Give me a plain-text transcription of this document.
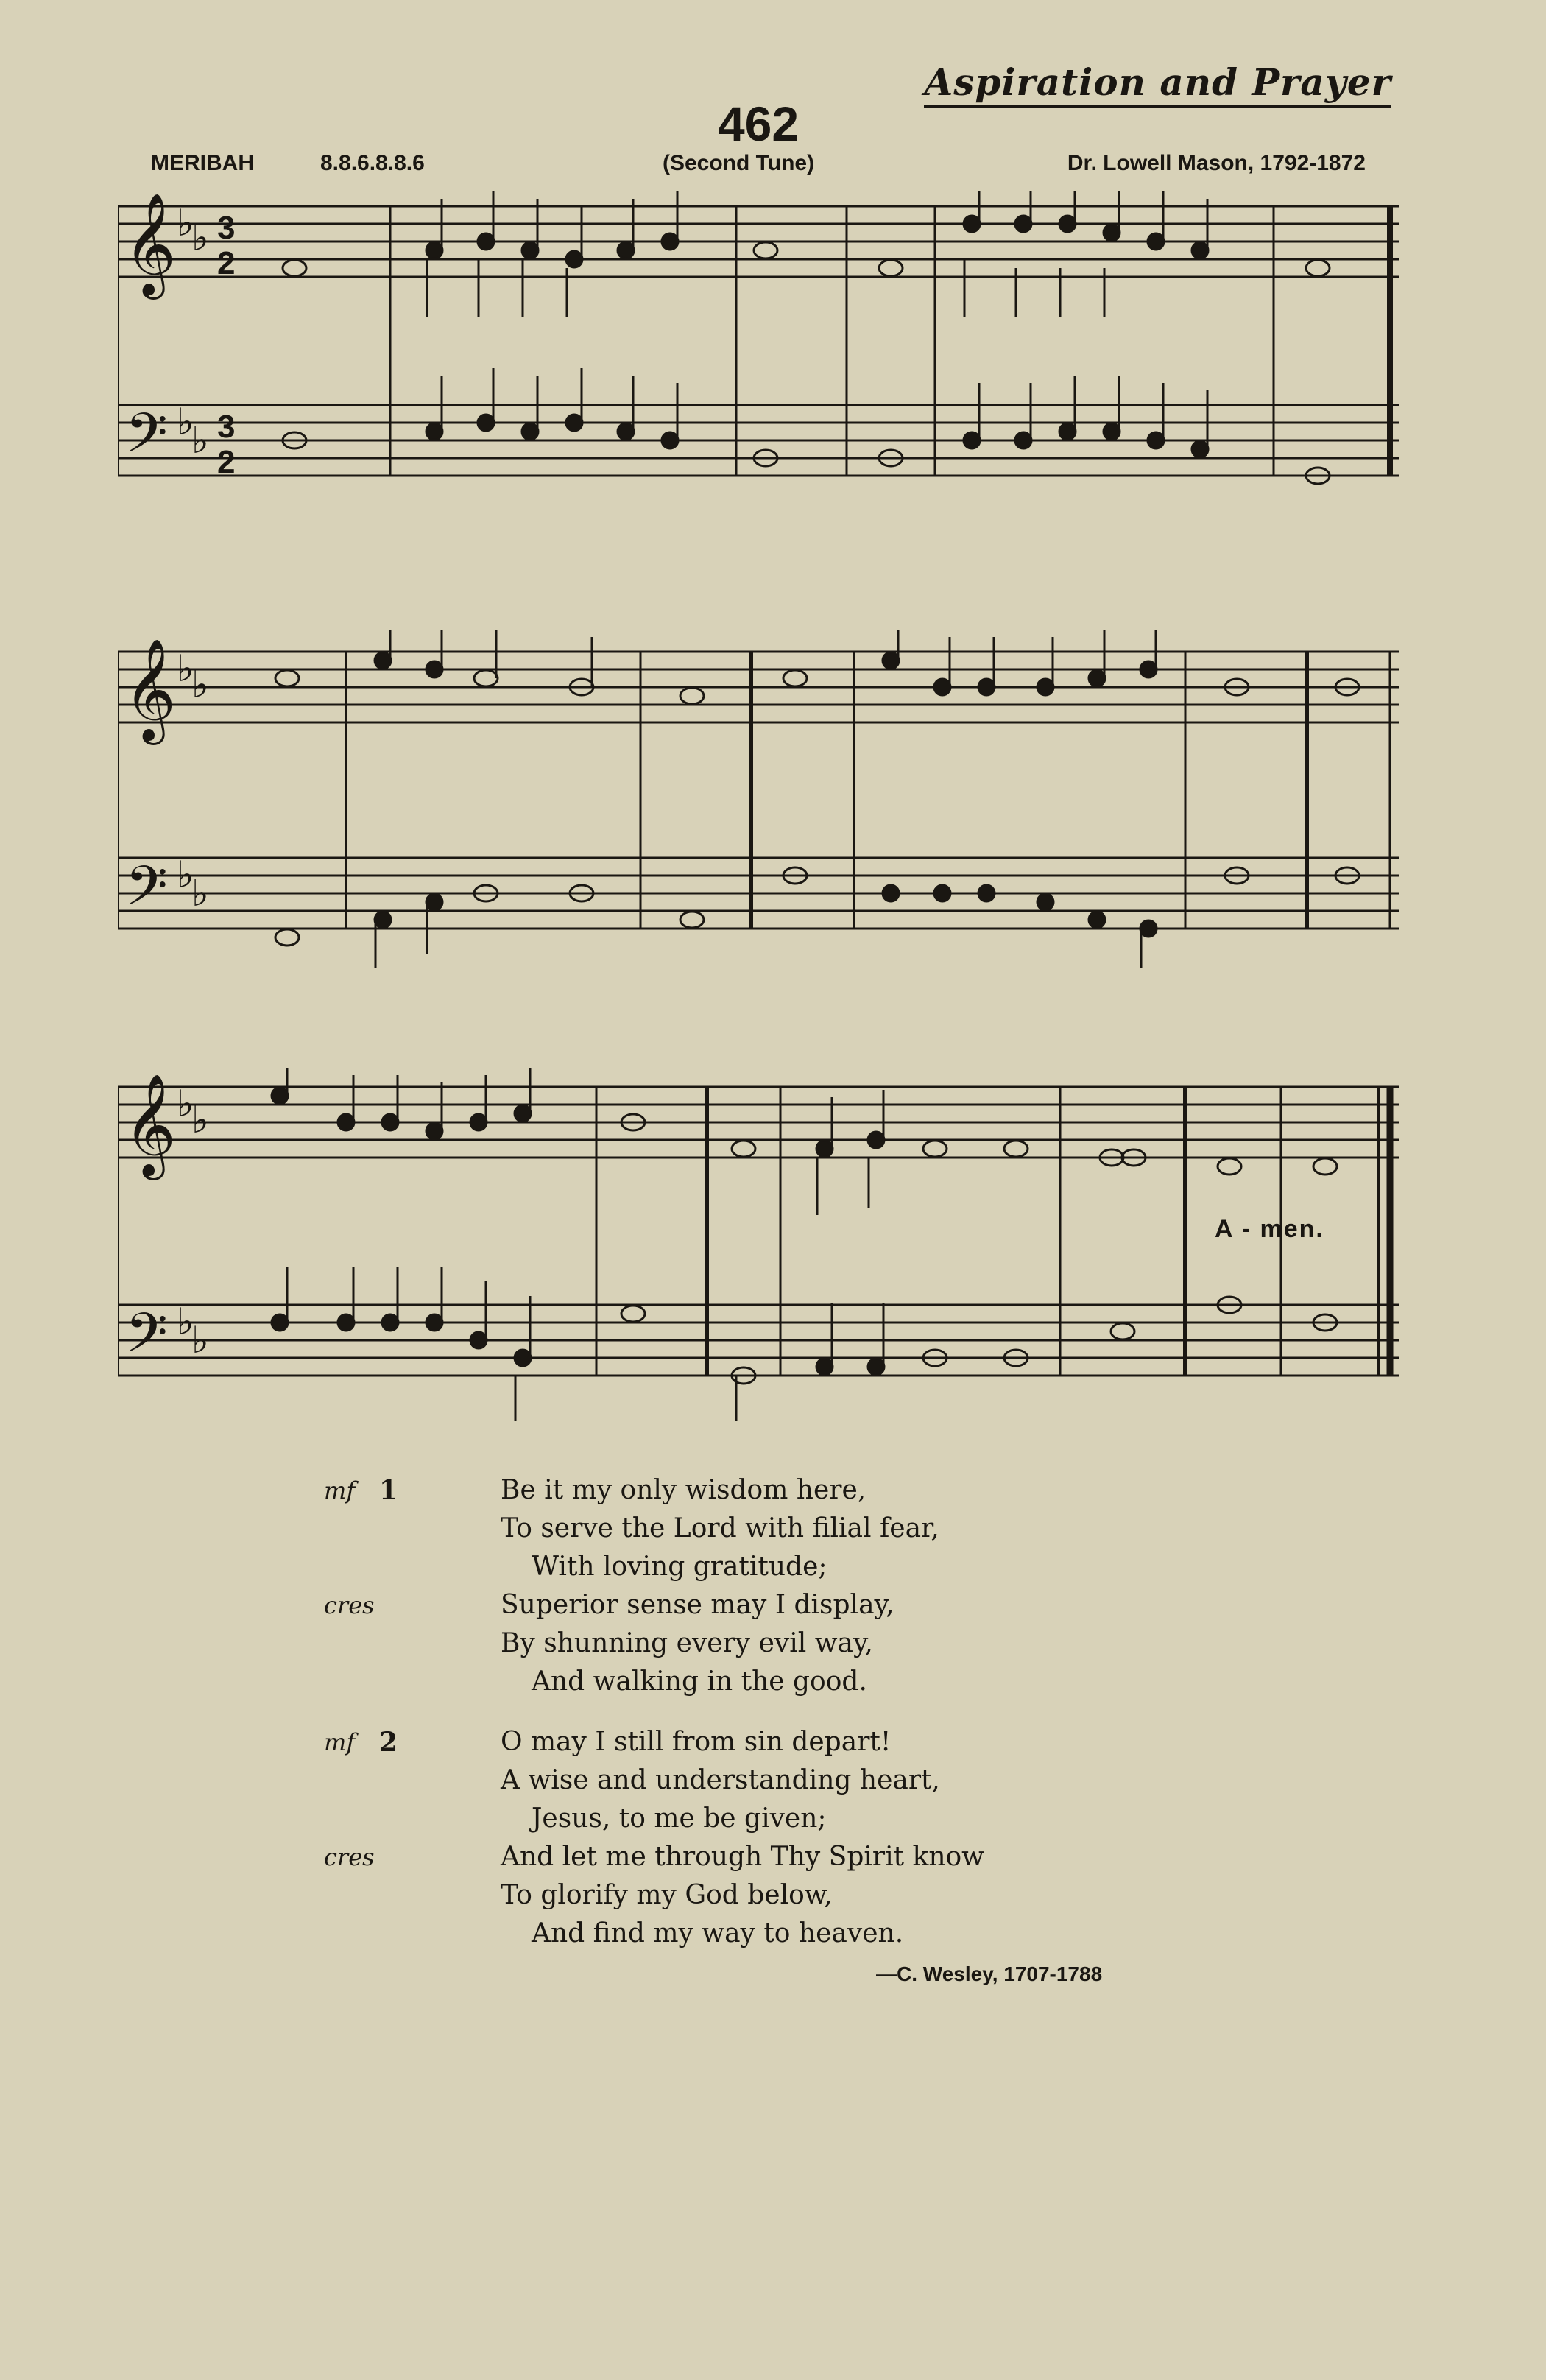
Aspiration and Prayer
462
MERIBAH	8.8.6.8.8.6	(Second Tune)	Dr. Lowell Mason, 1792-1872
𝄞
𝄢
♭
♭
♭
♭
3
2
3
2
𝄞
𝄢
♭
♭
♭
♭
𝄞
𝄢
♭
♭
♭
♭
A - men.
mf 1	Be it my only wisdom here,
To serve the Lord with filial fear,
With loving gratitude;
cres	Superior sense may I display,
By shunning every evil way,
And walking in the good.
mf 2	O may I still from sin depart!
A wise and understanding heart,
Jesus, to me be given;
cres	And let me through Thy Spirit know
To glorify my God below,
And find my way to heaven.
—C. Wesley, 1707-1788
